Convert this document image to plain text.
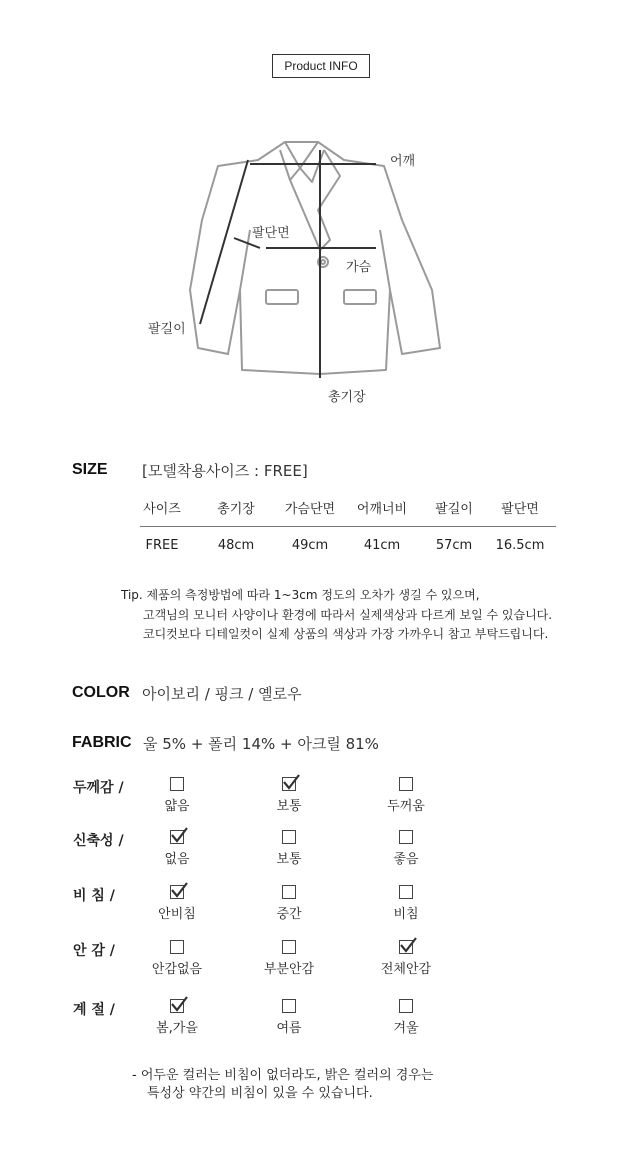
Product INFO
어깨
팔단면
가슴
팔길이
총기장
SIZE [모델착용사이즈 : FREE]
사이즈	총기장	가슴단면	어깨너비	팔길이	팔단면
FREE	48cm	49cm	41cm	57cm	16.5cm
Tip. 제품의 측정방법에 따라 1~3cm 정도의 오차가 생길 수 있으며,
고객님의 모니터 사양이나 환경에 따라서 실제색상과 다르게 보일 수 있습니다.
코디컷보다 디테일컷이 실제 상품의 색상과 가장 가까우니 참고 부탁드립니다.
COLOR 아이보리 / 핑크 / 옐로우
FABRIC 울 5% + 폴리 14% + 아크릴 81%
두께감 /
얇음	보통	두꺼움
신축성 /
없음	보통	좋음
비 침 /
안비침	중간	비침
안 감 /
안감없음	부분안감	전체안감
계 절 /
봄,가을	여름	겨울
- 어두운 컬러는 비침이 없더라도, 밝은 컬러의 경우는
특성상 약간의 비침이 있을 수 있습니다.
